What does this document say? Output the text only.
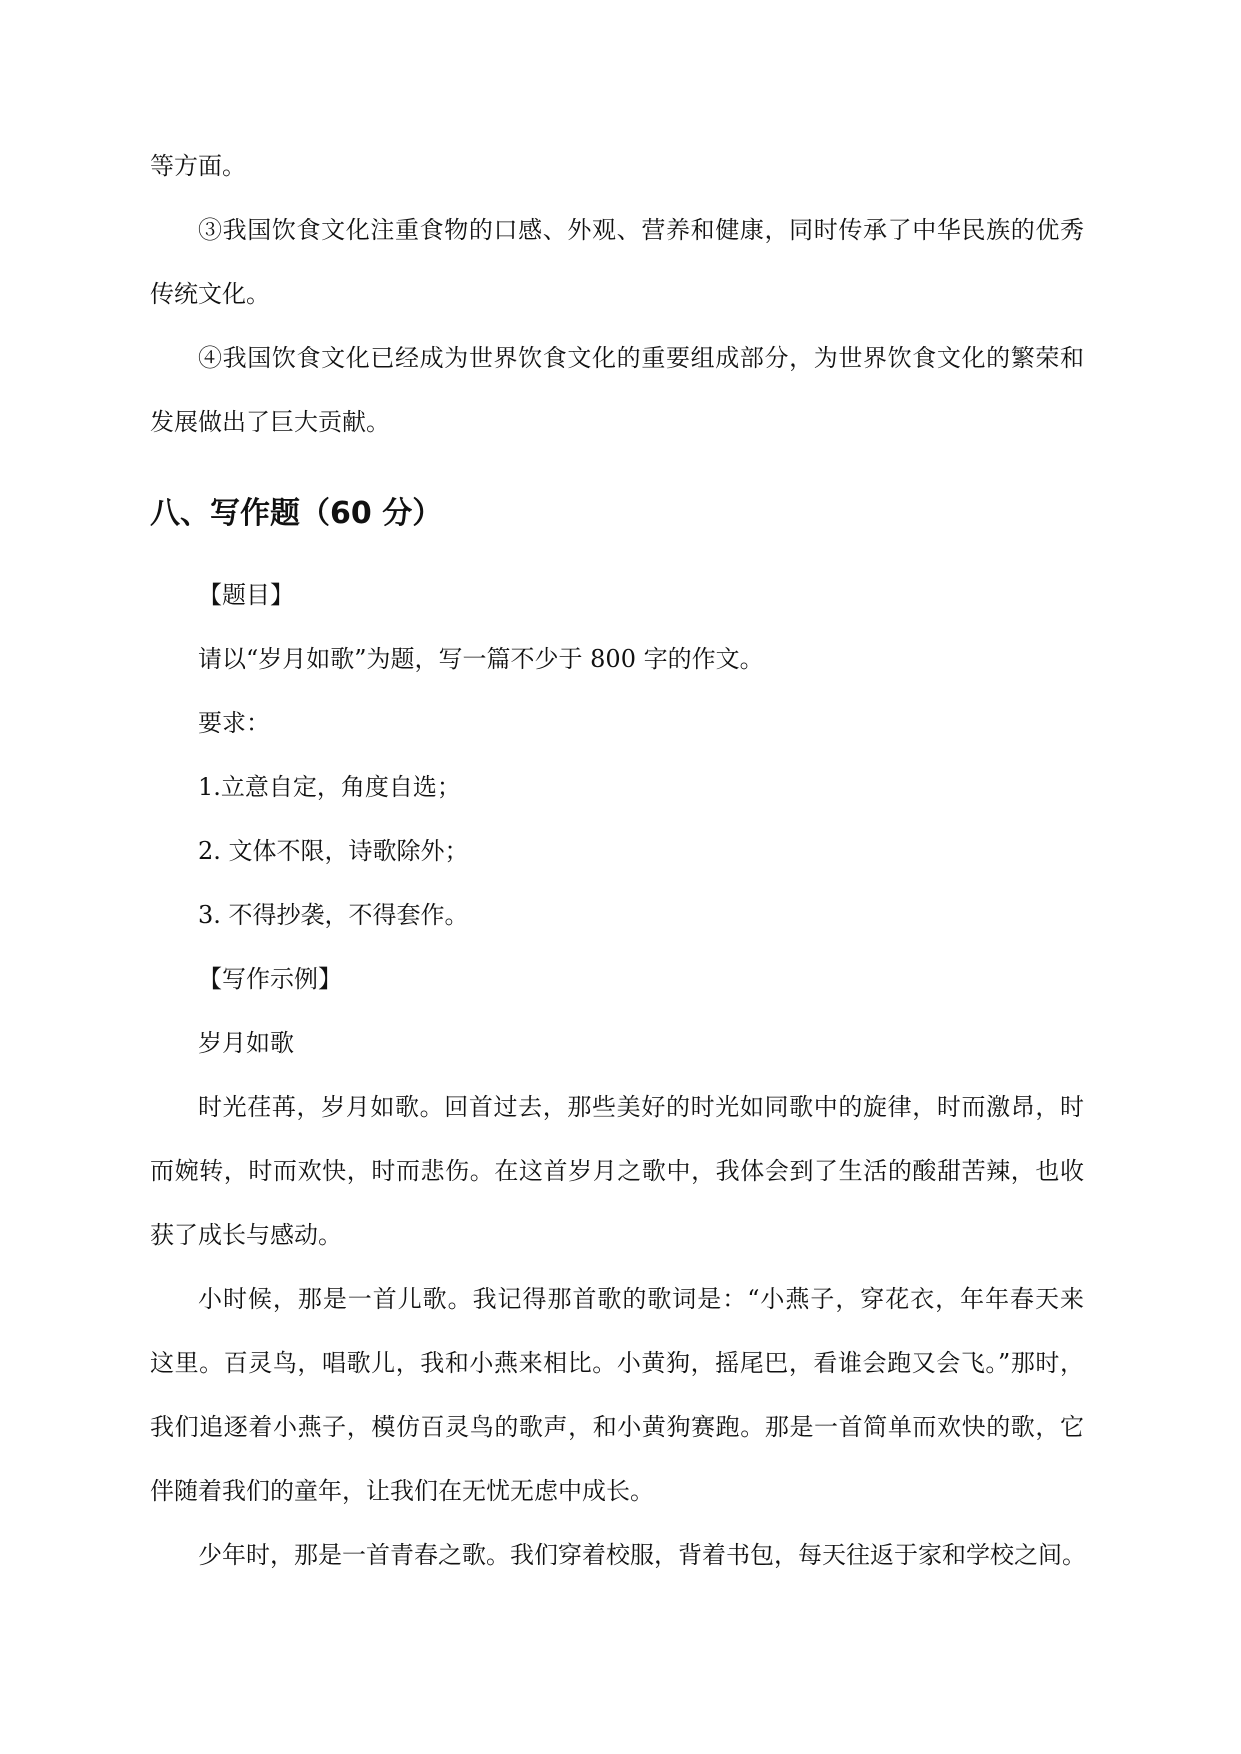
等方面。
③我国饮食文化注重食物的口感、外观、营养和健康，同时传承了中华民族的优秀
传统文化。
④我国饮食文化已经成为世界饮食文化的重要组成部分，为世界饮食文化的繁荣和
发展做出了巨大贡献。
八、写作题（60 分）
【题目】
请以“岁月如歌”为题，写一篇不少于 800 字的作文。
要求：
1.立意自定，角度自选；
2. 文体不限，诗歌除外；
3. 不得抄袭，不得套作。
【写作示例】
岁月如歌
时光荏苒，岁月如歌。回首过去，那些美好的时光如同歌中的旋律，时而激昂，时
而婉转，时而欢快，时而悲伤。在这首岁月之歌中，我体会到了生活的酸甜苦辣，也收
获了成长与感动。
小时候，那是一首儿歌。我记得那首歌的歌词是：“小燕子，穿花衣，年年春天来
这里。百灵鸟，唱歌儿，我和小燕来相比。小黄狗，摇尾巴，看谁会跑又会飞。”那时，
我们追逐着小燕子，模仿百灵鸟的歌声，和小黄狗赛跑。那是一首简单而欢快的歌，它
伴随着我们的童年，让我们在无忧无虑中成长。
少年时，那是一首青春之歌。我们穿着校服，背着书包，每天往返于家和学校之间。
